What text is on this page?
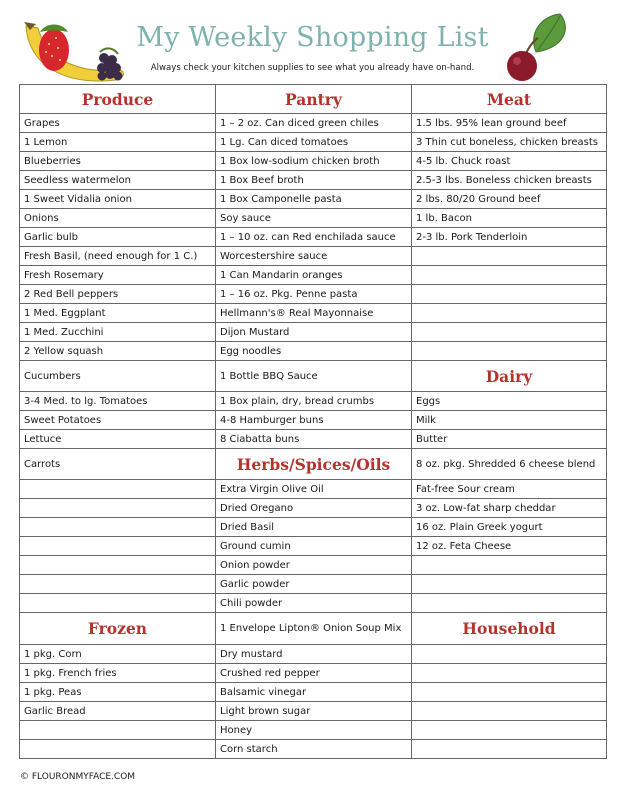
My Weekly Shopping List
Always check your kitchen supplies to see what you already have on-hand.
Produce	Pantry	Meat
Grapes	1 – 2 oz. Can diced green chiles	1.5 lbs. 95% lean ground beef
1 Lemon	1 Lg. Can diced tomatoes	3 Thin cut boneless, chicken breasts
Blueberries	1 Box low-sodium chicken broth	4-5 lb. Chuck roast
Seedless watermelon	1 Box Beef broth	2.5-3 lbs. Boneless chicken breasts
1 Sweet Vidalia onion	1 Box Camponelle pasta	2 lbs. 80/20 Ground beef
Onions	Soy sauce	1 lb. Bacon
Garlic bulb	1 – 10 oz. can Red enchilada sauce	2-3 lb. Pork Tenderloin
Fresh Basil, (need enough for 1 C.)	Worcestershire sauce	
Fresh Rosemary	1 Can Mandarin oranges	
2 Red Bell peppers	1 – 16 oz. Pkg. Penne pasta	
1 Med. Eggplant	Hellmann's® Real Mayonnaise	
1 Med. Zucchini	Dijon Mustard	
2 Yellow squash	Egg noodles	
Cucumbers	1 Bottle BBQ Sauce	Dairy
3-4 Med. to lg. Tomatoes	1 Box plain, dry, bread crumbs	Eggs
Sweet Potatoes	4-8 Hamburger buns	Milk
Lettuce	8 Ciabatta buns	Butter
Carrots	Herbs/Spices/Oils	8 oz. pkg. Shredded 6 cheese blend
	Extra Virgin Olive Oil	Fat-free Sour cream
	Dried Oregano	3 oz. Low-fat sharp cheddar
	Dried Basil	16 oz. Plain Greek yogurt
	Ground cumin	12 oz. Feta Cheese
	Onion powder	
	Garlic powder	
	Chili powder	
Frozen	1 Envelope Lipton® Onion Soup Mix	Household
1 pkg. Corn	Dry mustard	
1 pkg. French fries	Crushed red pepper	
1 pkg. Peas	Balsamic vinegar	
Garlic Bread	Light brown sugar	
	Honey	
	Corn starch	
© FLOURONMYFACE.COM
